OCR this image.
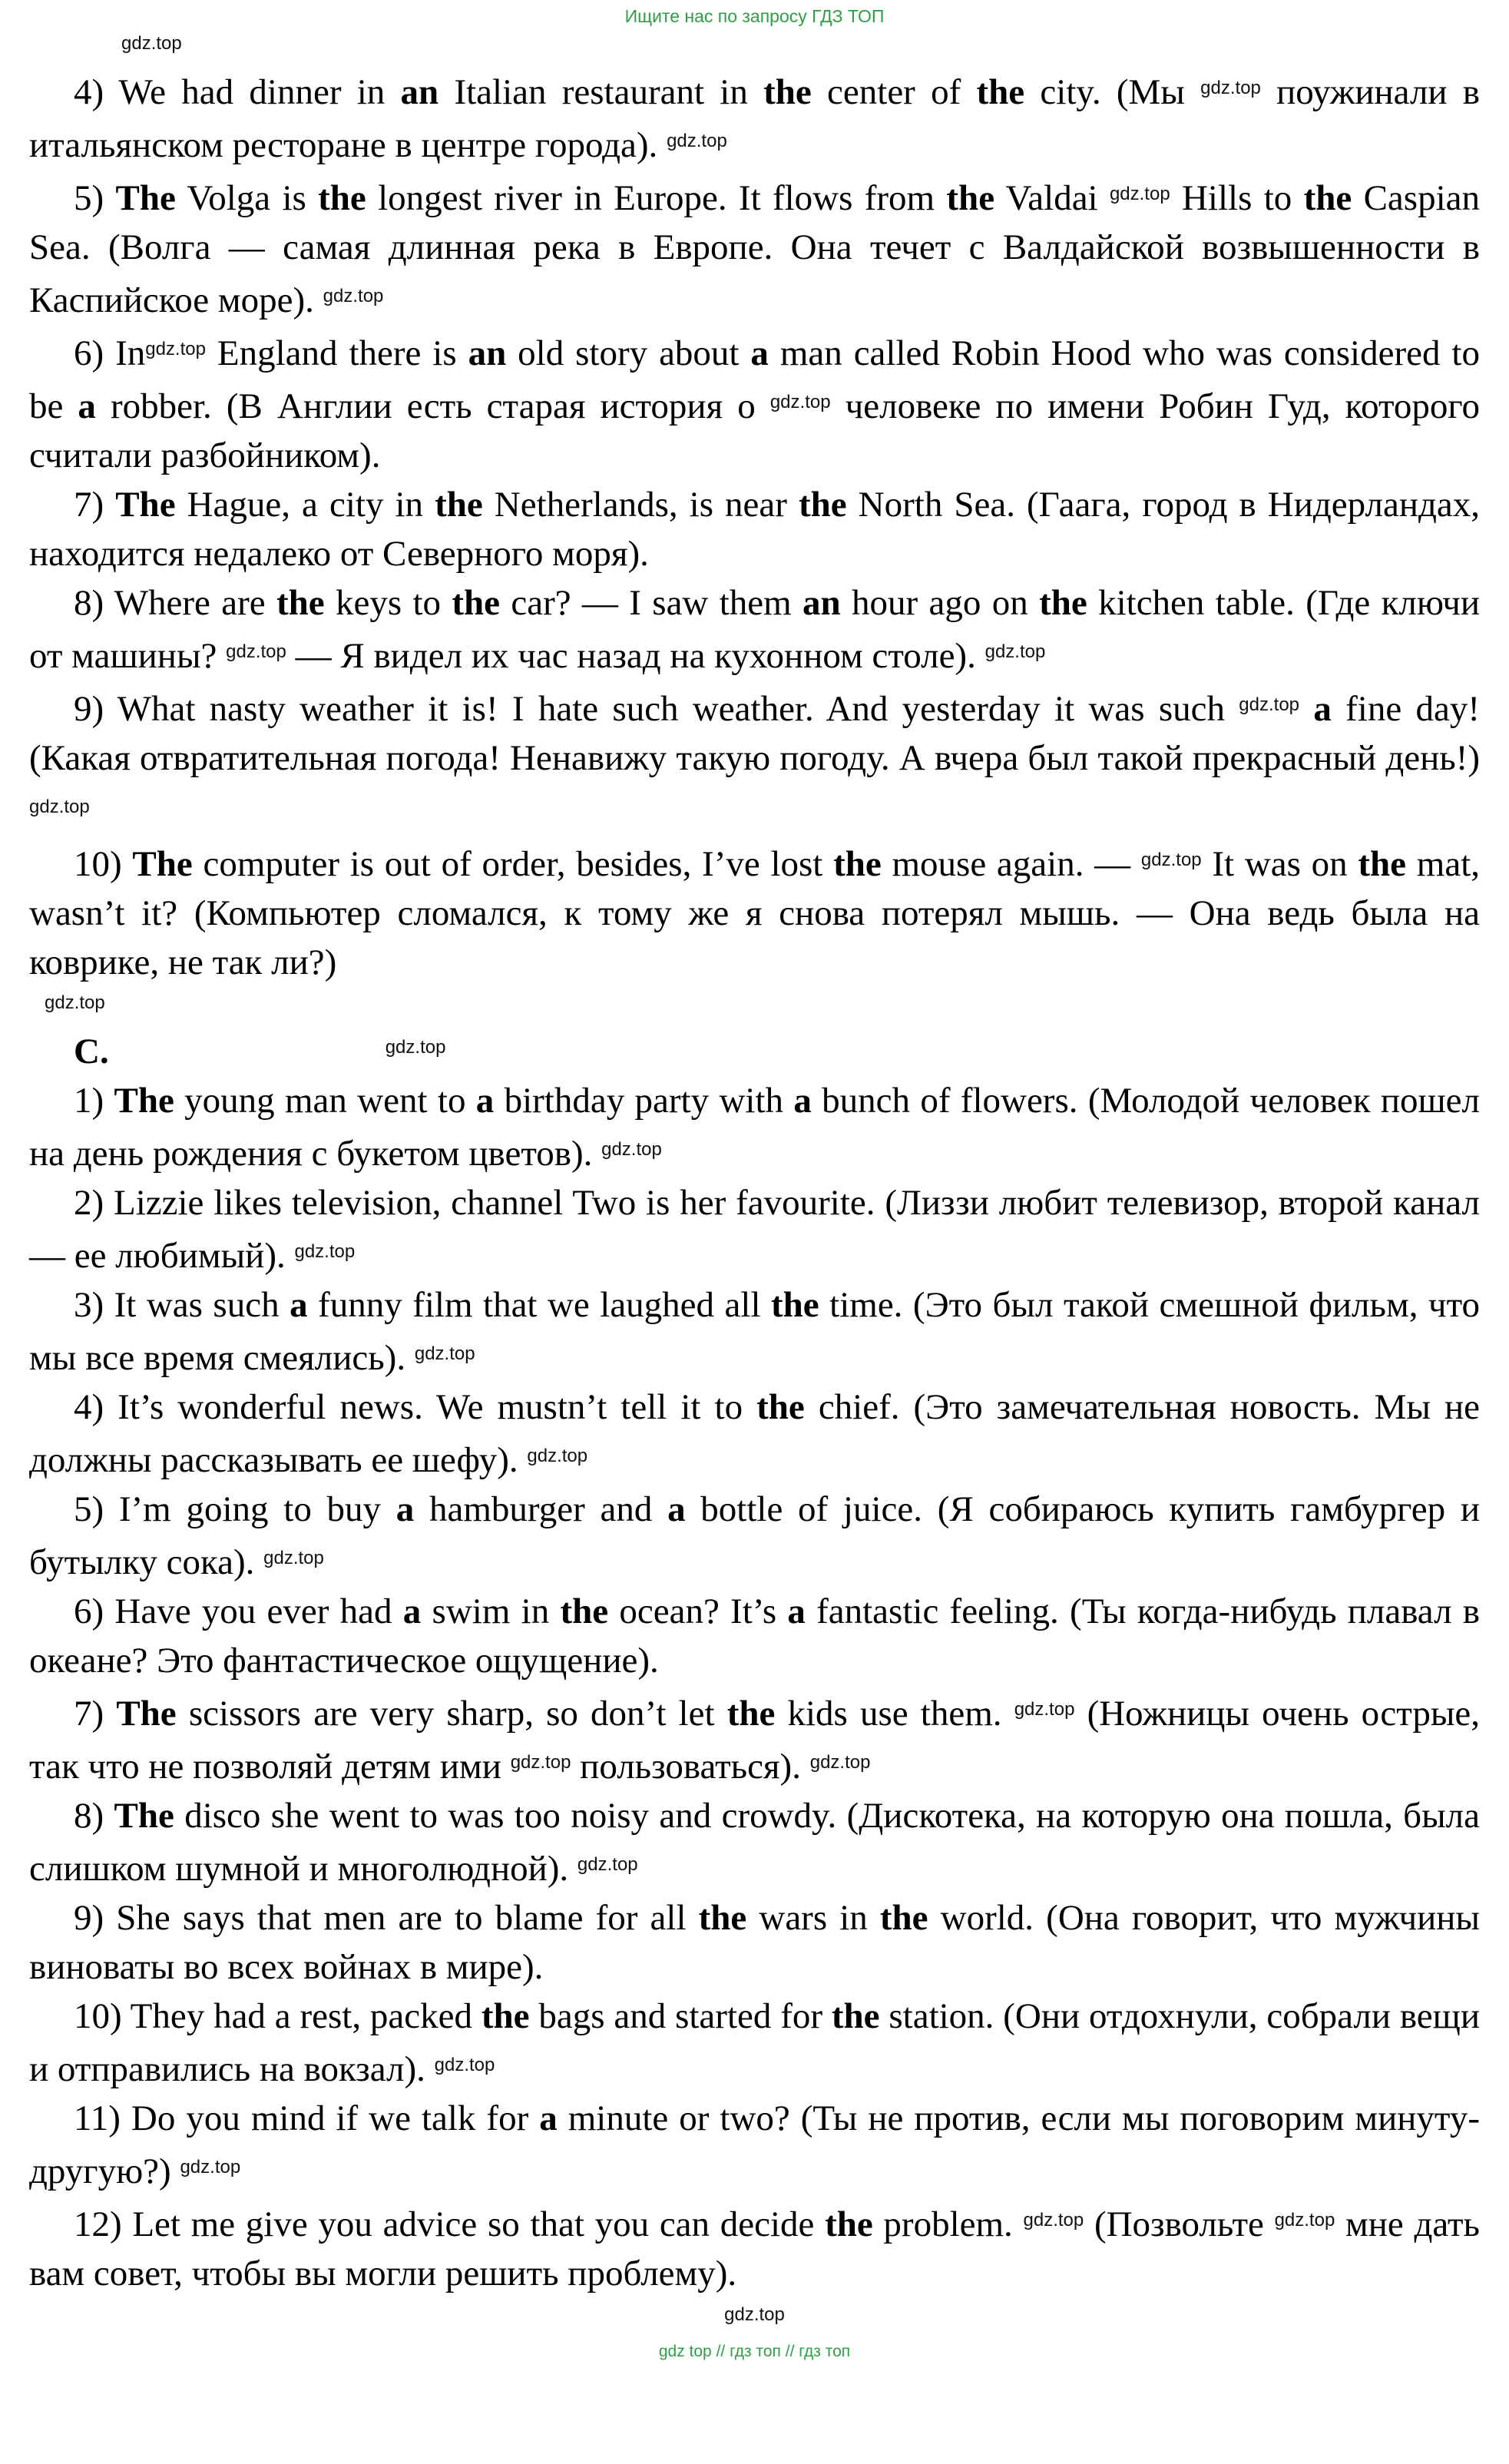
Ищите нас по запросу ГДЗ ТОП

$^{gdz.top}$

4) We had dinner in an Italian restaurant in the center of the city. (Мы $^{gdz.top}$ поужинали в итальянском ресторане в центре города). $^{gdz.top}$

5) The Volga is the longest river in Europe. It flows from the Valdai $^{gdz.top}$ Hills to the Caspian Sea. (Волга — самая длинная река в Европе. Она течет с Валдайской возвышенности в Каспийское море). $^{gdz.top}$

6) $In^{gdz.top}$ England there is an old story about a man called Robin Hood who was considered to be a robber. (В Англии есть старая история о $^{gdz.top}$ человеке по имени Робин Гуд, которого считали разбойником).

7) The Hague, a city in the Netherlands, is near the North Sea. (Гаага, город в Нидерландах, находится недалеко от Северного моря).

8) Where are the keys to the car? — I saw them an hour ago on the kitchen table. (Где ключи от машины? $^{gdz.top}$ — Я видел их час назад на кухонном столе). $^{gdz.top}$

9) What nasty weather it is! I hate such weather. And yesterday it was such $^{gdz.top}$ a fine day! (Какая отвратительная погода! Ненавижу такую погоду. А вчера был такой прекрасный день!) $^{gdz.top}$

10) The computer is out of order, besides, I’ve lost the mouse again. — $^{gdz.top}$ It was on the mat, wasn’t it? (Компьютер сломался, к тому же я снова потерял мышь. — Она ведь была на коврике, не так ли?)

$^{gdz.top}$

С.	$^{gdz.top}$

1) The young man went to a birthday party with a bunch of flowers. (Молодой человек пошел на день рождения с букетом цветов). $^{gdz.top}$

2) Lizzie likes television, channel Two is her favourite. (Лиззи любит телевизор, второй канал — ее любимый). $^{gdz.top}$

3) It was such a funny film that we laughed all the time. (Это был такой смешной фильм, что мы все время смеялись). $^{gdz.top}$

4) It’s wonderful news. We mustn’t tell it to the chief. (Это замечательная новость. Мы не должны рассказывать ее шефу). $^{gdz.top}$

5) I’m going to buy a hamburger and a bottle of juice. (Я собираюсь купить гамбургер и бутылку сока). $^{gdz.top}$

6) Have you ever had a swim in the ocean? It’s a fantastic feeling. (Ты когда-нибудь плавал в океане? Это фантастическое ощущение).

7) The scissors are very sharp, so don’t let the kids use them. $^{gdz.top}$ (Ножницы очень острые, так что не позволяй детям ими $^{gdz.top}$ пользоваться). $^{gdz.top}$

8) The disco she went to was too noisy and crowdy. (Дискотека, на которую она пошла, была слишком шумной и многолюдной). $^{gdz.top}$

9) She says that men are to blame for all the wars in the world. (Она говорит, что мужчины виноваты во всех войнах в мире).

10) They had a rest, packed the bags and started for the station. (Они отдохнули, собрали вещи и отправились на вокзал). $^{gdz.top}$

11) Do you mind if we talk for a minute or two? (Ты не против, если мы поговорим минуту-другую?) $^{gdz.top}$

12) Let me give you advice so that you can decide the problem. $^{gdz.top}$ (Позвольте $^{gdz.top}$ мне дать вам совет, чтобы вы могли решить проблему).

$^{gdz.top}$

gdz top // гдз топ // гдз топ
